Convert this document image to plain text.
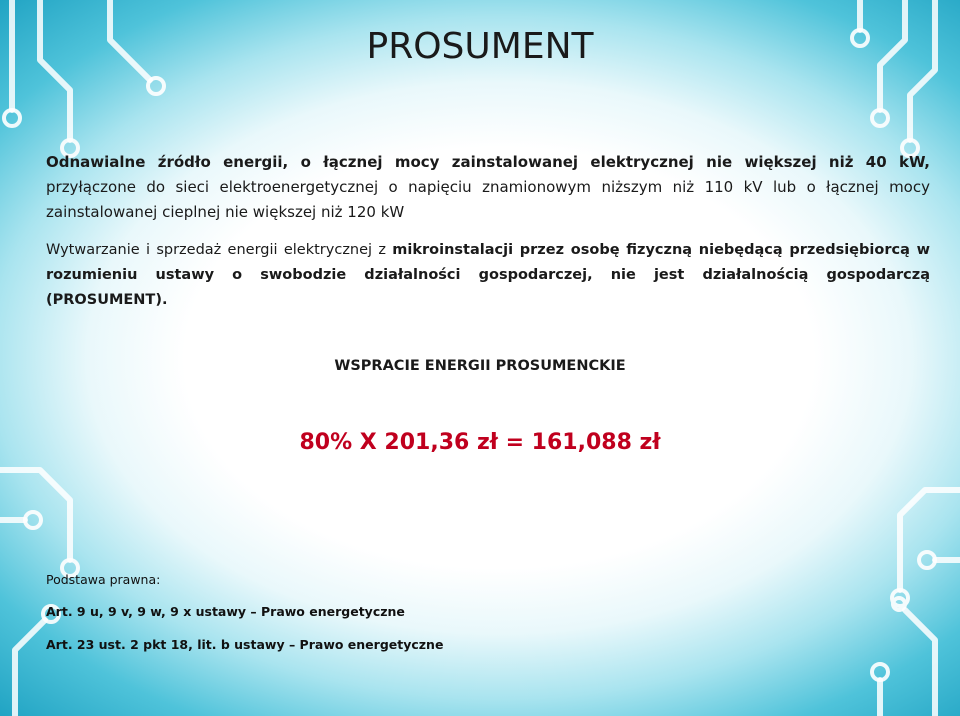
PROSUMENT

Odnawialne źródło energii, o łącznej mocy zainstalowanej elektrycznej nie większej niż 40 kW, przyłączone do sieci elektroenergetycznej o napięciu znamionowym niższym niż 110 kV lub o łącznej mocy zainstalowanej cieplnej nie większej niż 120 kW

Wytwarzanie i sprzedaż energii elektrycznej z mikroinstalacji przez osobę fizyczną niebędącą przedsiębiorcą w rozumieniu ustawy o swobodzie działalności gospodarczej, nie jest działalnością gospodarczą (PROSUMENT).

WSPRACIE ENERGII PROSUMENCKIE

80% X 201,36 zł = 161,088 zł

Podstawa prawna:

Art. 9 u, 9 v, 9 w, 9 x ustawy – Prawo energetyczne

Art. 23 ust. 2 pkt 18, lit. b ustawy – Prawo energetyczne
